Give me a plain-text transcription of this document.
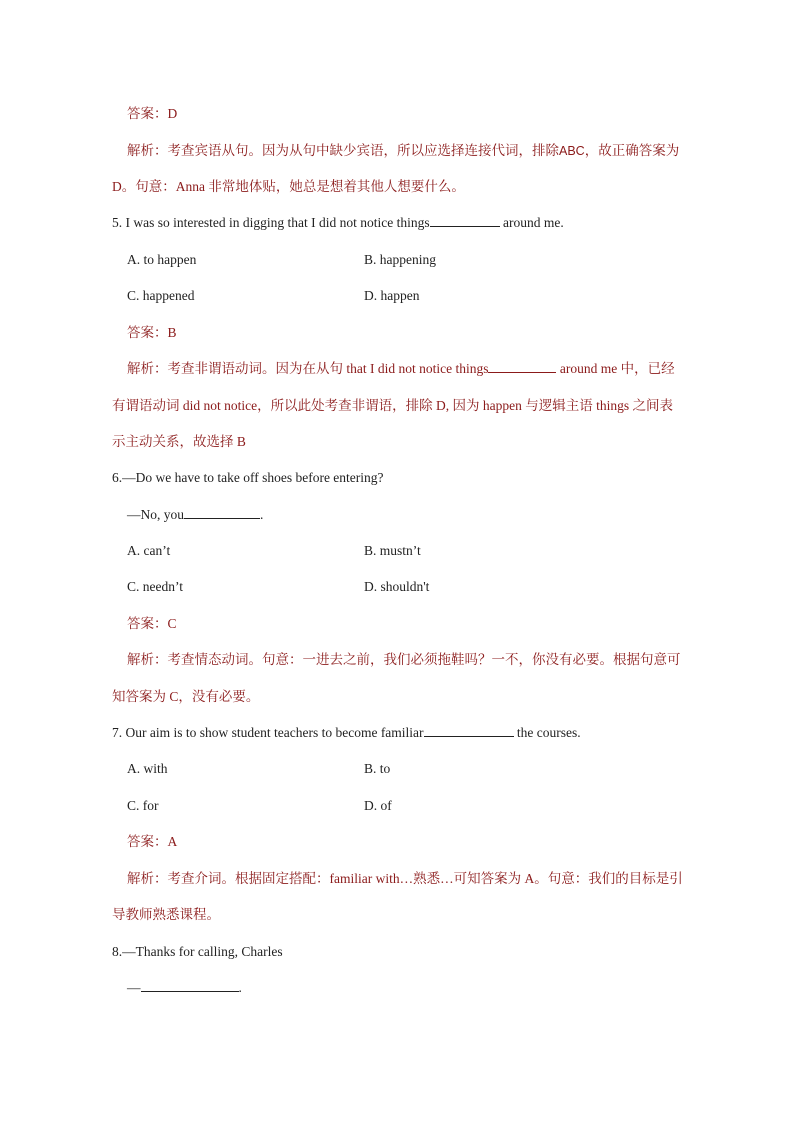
答案：D
解析：考查宾语从句。因为从句中缺少宾语，所以应选择连接代词，排除ABC，故正确答案为
D。句意：Anna 非常地体贴，她总是想着其他人想要什么。
5. I was so interested in digging that I did not notice things	around me.
A. to happen	B. happening
C. happened	D. happen
答案：B
解析：考查非谓语动词。因为在从句 that I did not notice things	around me 中，已经
有谓语动词 did not notice，所以此处考查非谓语，排除 D, 因为 happen 与逻辑主语 things 之间表
示主动关系，故选择 B
6.—Do we have to take off shoes before entering?
—No, you	.
A. can’t	B. mustn’t
C. needn’t	D. shouldn't
答案：C
解析：考查情态动词。句意：一进去之前，我们必须拖鞋吗？一不，你没有必要。根据句意可
知答案为 C，没有必要。
7. Our aim is to show student teachers to become familiar	the courses.
A. with	B. to
C. for	D. of
答案：A
解析：考查介词。根据固定搭配：familiar with…熟悉…可知答案为 A。句意：我们的目标是引
导教师熟悉课程。
8.—Thanks for calling, Charles
—	.
